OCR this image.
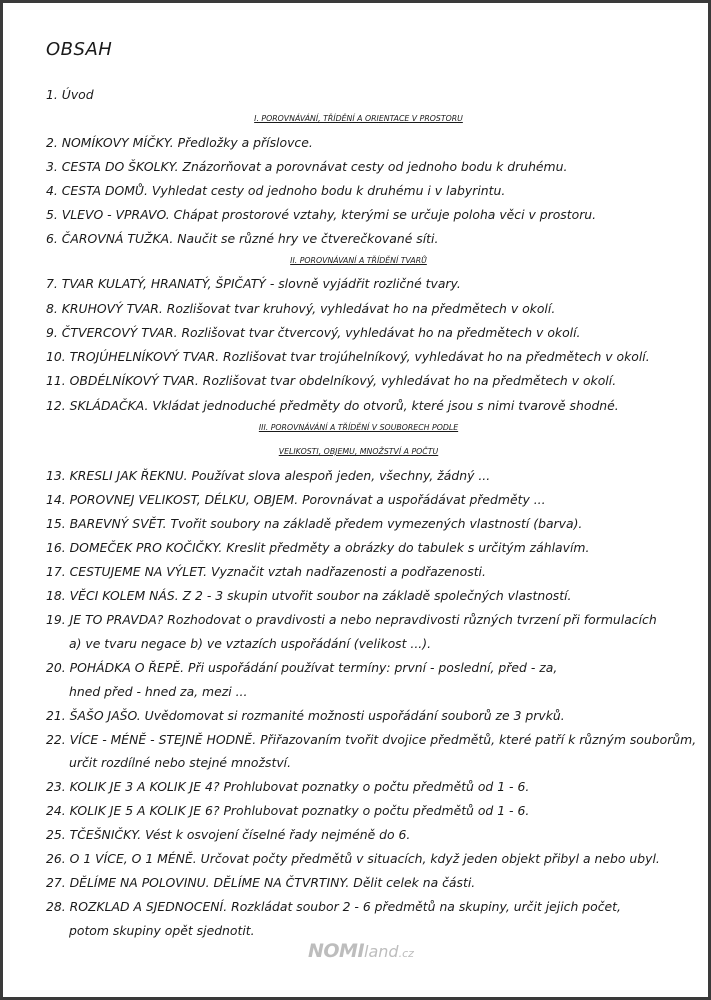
OBSAH
1. Úvod
I. POROVNÁVÁNÍ, TŘÍDĚNÍ A ORIENTACE V PROSTORU
2. NOMÍKOVY MÍČKY. Předložky a příslovce.
3. CESTA DO ŠKOLKY. Znázorňovat a porovnávat cesty od jednoho bodu k druhému.
4. CESTA DOMŮ. Vyhledat cesty od jednoho bodu k druhému i v labyrintu.
5. VLEVO - VPRAVO. Chápat prostorové vztahy, kterými se určuje poloha věci v prostoru.
6. ČAROVNÁ TUŽKA. Naučit se různé hry ve čtverečkované síti.
II. POROVNÁVANÍ A TŘÍDĚNÍ TVARŮ
7. TVAR KULATÝ, HRANATÝ, ŠPIČATÝ - slovně vyjádřit rozličné tvary.
8. KRUHOVÝ TVAR. Rozlišovat tvar kruhový, vyhledávat ho na předmětech v okolí.
9. ČTVERCOVÝ TVAR. Rozlišovat tvar čtvercový, vyhledávat ho na předmětech v okolí.
10. TROJÚHELNÍKOVÝ TVAR. Rozlišovat tvar trojúhelníkový, vyhledávat ho na předmětech v okolí.
11. OBDÉLNÍKOVÝ TVAR. Rozlišovat tvar obdelníkový, vyhledávat ho na předmětech v okolí.
12. SKLÁDAČKA. Vkládat jednoduché předměty do otvorů, které jsou s nimi tvarově shodné.
III. POROVNÁVÁNÍ A TŘÍDĚNÍ V SOUBORECH PODLE
VELIKOSTI, OBJEMU, MNOŽSTVÍ A POČTU
13. KRESLI JAK ŘEKNU. Používat slova alespoň jeden, všechny, žádný ...
14. POROVNEJ VELIKOST, DÉLKU, OBJEM. Porovnávat a uspořádávat předměty ...
15. BAREVNÝ SVĚT. Tvořit soubory na základě předem vymezených vlastností (barva).
16. DOMEČEK PRO KOČIČKY. Kreslit předměty a obrázky do tabulek s určitým záhlavím.
17. CESTUJEME NA VÝLET. Vyznačit vztah nadřazenosti a podřazenosti.
18. VĚCI KOLEM NÁS. Z 2 - 3 skupin utvořit soubor na základě společných vlastností.
19. JE TO PRAVDA? Rozhodovat o pravdivosti a nebo nepravdivosti různých tvrzení při formulacích
a) ve tvaru negace b) ve vztazích uspořádání (velikost ...).
20. POHÁDKA O ŘEPĚ. Při uspořádání používat termíny: první - poslední, před - za,
hned před - hned za, mezi ...
21. ŠAŠO JAŠO. Uvědomovat si rozmanité možnosti uspořádání souborů ze 3 prvků.
22. VÍCE - MÉNĚ - STEJNĚ HODNĚ. Přiřazovaním tvořit dvojice předmětů, které patří k různým souborům,
určit rozdílné nebo stejné množství.
23. KOLIK JE 3 A KOLIK JE 4? Prohlubovat poznatky o počtu předmětů od 1 - 6.
24. KOLIK JE 5 A KOLIK JE 6? Prohlubovat poznatky o počtu předmětů od 1 - 6.
25. TČEŠNIČKY. Vést k osvojení číselné řady nejméně do 6.
26. O 1 VÍCE, O 1 MÉNĚ. Určovat počty předmětů v situacích, když jeden objekt přibyl a nebo ubyl.
27. DĚLÍME NA POLOVINU. DĚLÍME NA ČTVRTINY. Dělit celek na části.
28. ROZKLAD A SJEDNOCENÍ. Rozkládat soubor 2 - 6 předmětů na skupiny, určit jejich počet,
potom skupiny opět sjednotit.
NOMIland.cz
